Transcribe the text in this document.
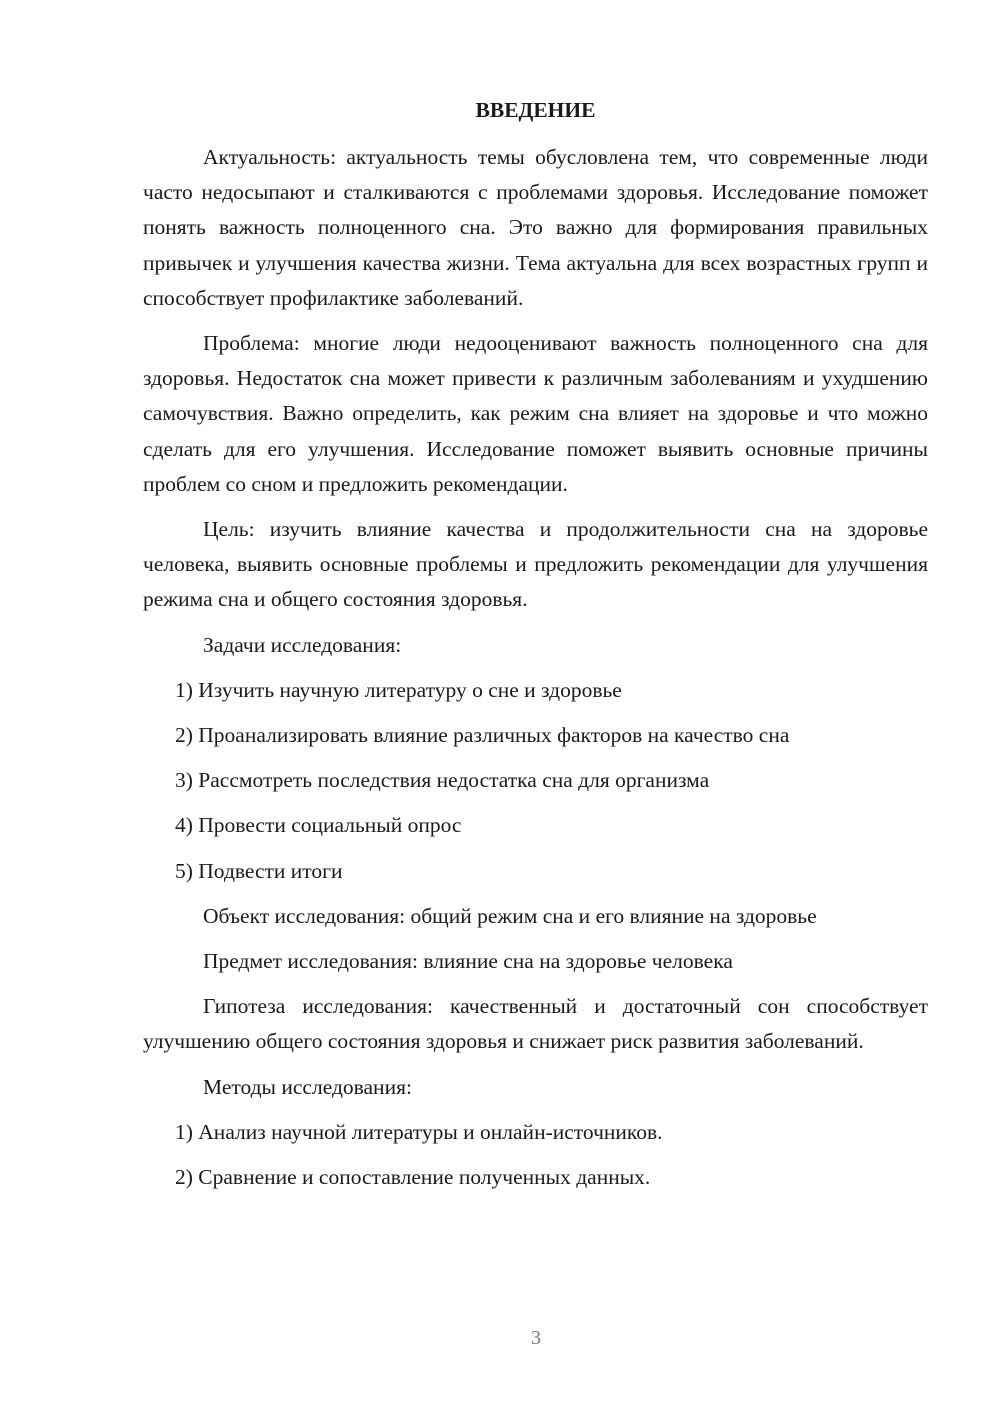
ВВЕДЕНИЕ
Актуальность: актуальность темы обусловлена тем, что современные люди часто недосыпают и сталкиваются с проблемами здоровья. Исследование поможет понять важность полноценного сна. Это важно для формирования правильных привычек и улучшения качества жизни. Тема актуальна для всех возрастных групп и способствует профилактике заболеваний.
Проблема: многие люди недооценивают важность полноценного сна для здоровья. Недостаток сна может привести к различным заболеваниям и ухудшению самочувствия. Важно определить, как режим сна влияет на здоровье и что можно сделать для его улучшения. Исследование поможет выявить основные причины проблем со сном и предложить рекомендации.
Цель: изучить влияние качества и продолжительности сна на здоровье человека, выявить основные проблемы и предложить рекомендации для улучшения режима сна и общего состояния здоровья.
Задачи исследования:
1) Изучить научную литературу о сне и здоровье
2) Проанализировать влияние различных факторов на качество сна
3) Рассмотреть последствия недостатка сна для организма
4) Провести социальный опрос
5) Подвести итоги
Объект исследования: общий режим сна и его влияние на здоровье
Предмет исследования: влияние сна на здоровье человека
Гипотеза исследования: качественный и достаточный сон способствует улучшению общего состояния здоровья и снижает риск развития заболеваний.
Методы исследования:
1) Анализ научной литературы и онлайн-источников.
2) Сравнение и сопоставление полученных данных.
3
